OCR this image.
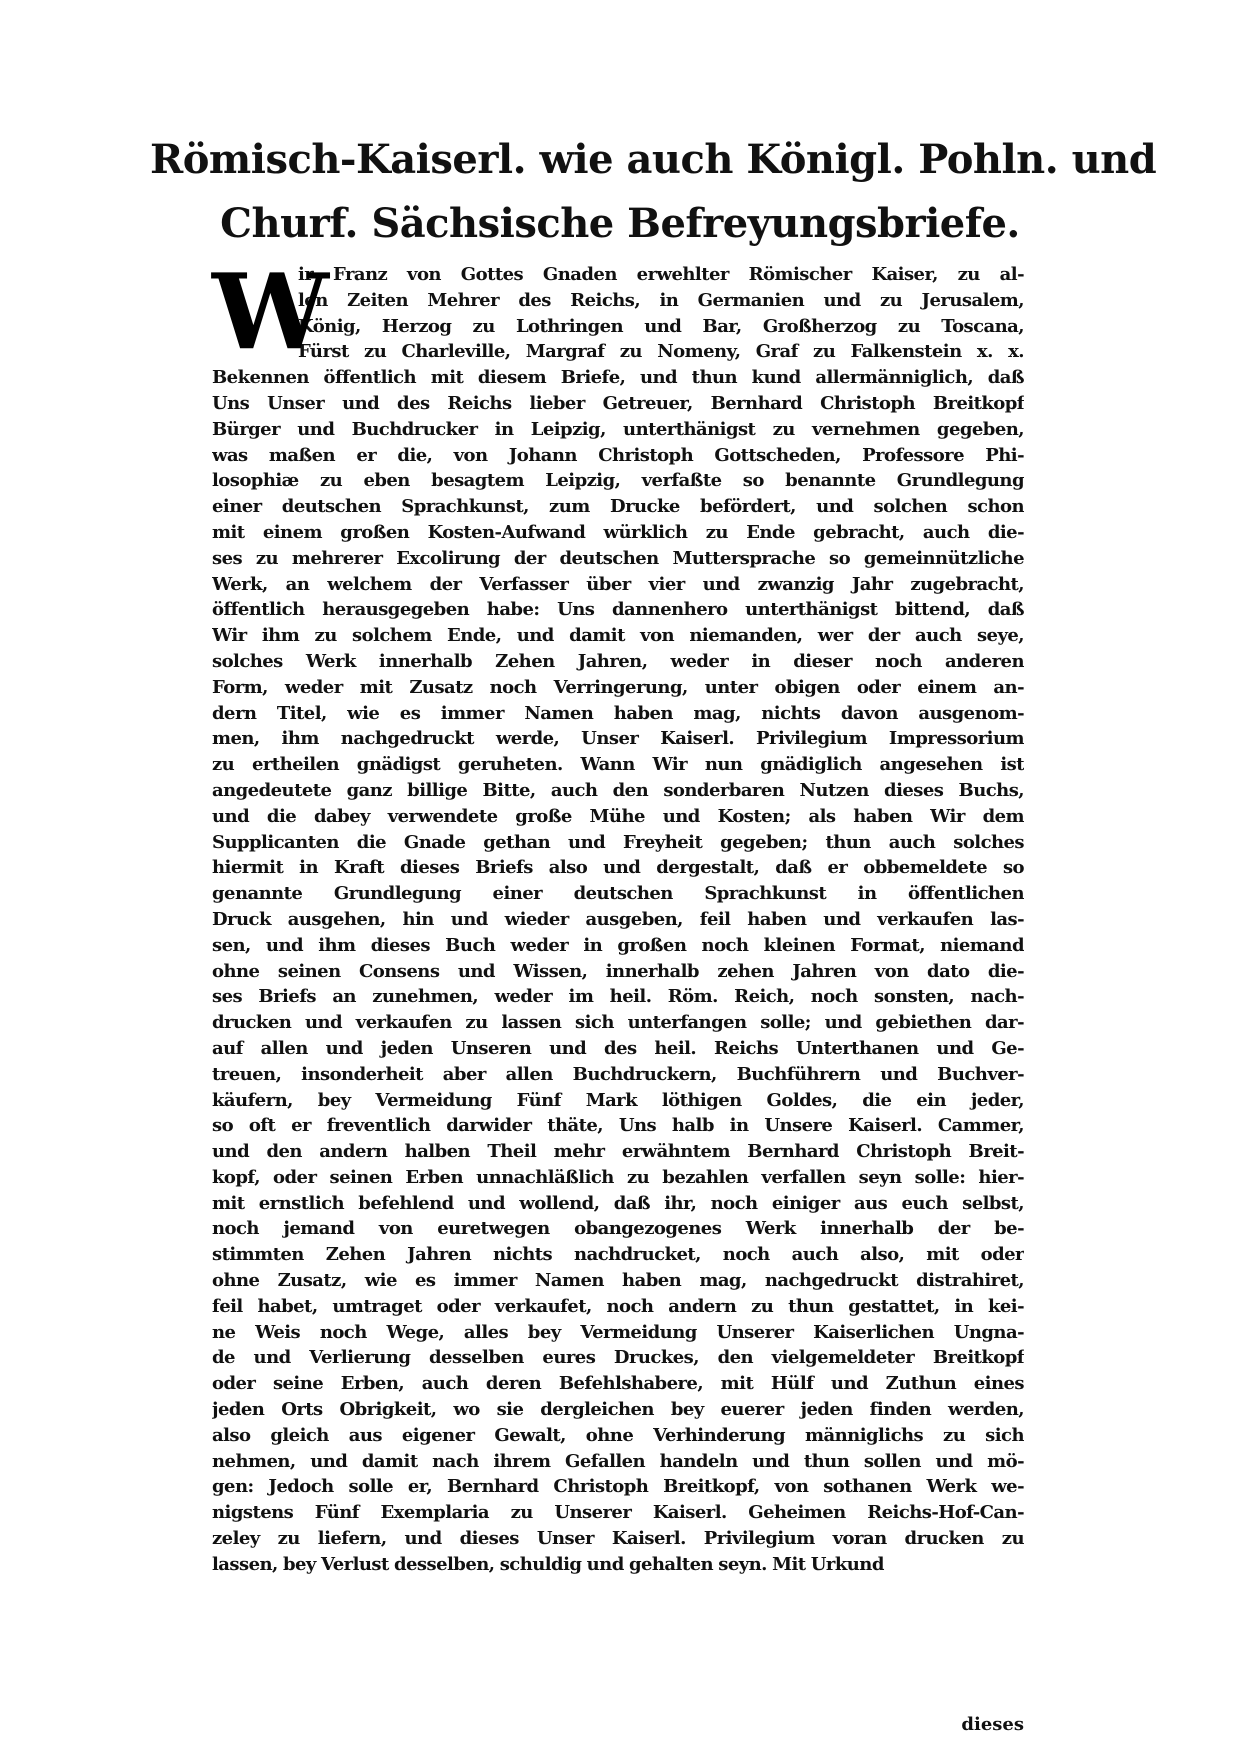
Römisch-Kaiserl. wie auch Königl. Pohln. und
Churf. Sächsische Befreyungsbriefe.
W
ir Franz von Gottes Gnaden erwehlter Römischer Kaiser, zu al-
len Zeiten Mehrer des Reichs, in Germanien und zu Jerusalem,
König, Herzog zu Lothringen und Bar, Großherzog zu Toscana,
Fürst zu Charleville, Margraf zu Nomeny, Graf zu Falkenstein x. x.
Bekennen öffentlich mit diesem Briefe, und thun kund allermänniglich, daß
Uns Unser und des Reichs lieber Getreuer, Bernhard Christoph Breitkopf
Bürger und Buchdrucker in Leipzig, unterthänigst zu vernehmen gegeben,
was maßen er die, von Johann Christoph Gottscheden, Professore Phi-
losophiæ zu eben besagtem Leipzig, verfaßte so benannte Grundlegung
einer deutschen Sprachkunst, zum Drucke befördert, und solchen schon
mit einem großen Kosten-Aufwand würklich zu Ende gebracht, auch die-
ses zu mehrerer Excolirung der deutschen Muttersprache so gemeinnützliche
Werk, an welchem der Verfasser über vier und zwanzig Jahr zugebracht,
öffentlich herausgegeben habe: Uns dannenhero unterthänigst bittend, daß
Wir ihm zu solchem Ende, und damit von niemanden, wer der auch seye,
solches Werk innerhalb Zehen Jahren, weder in dieser noch anderen
Form, weder mit Zusatz noch Verringerung, unter obigen oder einem an-
dern Titel, wie es immer Namen haben mag, nichts davon ausgenom-
men, ihm nachgedruckt werde, Unser Kaiserl. Privilegium Impressorium
zu ertheilen gnädigst geruheten. Wann Wir nun gnädiglich angesehen ist
angedeutete ganz billige Bitte, auch den sonderbaren Nutzen dieses Buchs,
und die dabey verwendete große Mühe und Kosten; als haben Wir dem
Supplicanten die Gnade gethan und Freyheit gegeben; thun auch solches
hiermit in Kraft dieses Briefs also und dergestalt, daß er obbemeldete so
genannte Grundlegung einer deutschen Sprachkunst in öffentlichen
Druck ausgehen, hin und wieder ausgeben, feil haben und verkaufen las-
sen, und ihm dieses Buch weder in großen noch kleinen Format, niemand
ohne seinen Consens und Wissen, innerhalb zehen Jahren von dato die-
ses Briefs an zunehmen, weder im heil. Röm. Reich, noch sonsten, nach-
drucken und verkaufen zu lassen sich unterfangen solle; und gebiethen dar-
auf allen und jeden Unseren und des heil. Reichs Unterthanen und Ge-
treuen, insonderheit aber allen Buchdruckern, Buchführern und Buchver-
käufern, bey Vermeidung Fünf Mark löthigen Goldes, die ein jeder,
so oft er freventlich darwider thäte, Uns halb in Unsere Kaiserl. Cammer,
und den andern halben Theil mehr erwähntem Bernhard Christoph Breit-
kopf, oder seinen Erben unnachläßlich zu bezahlen verfallen seyn solle: hier-
mit ernstlich befehlend und wollend, daß ihr, noch einiger aus euch selbst,
noch jemand von euretwegen obangezogenes Werk innerhalb der be-
stimmten Zehen Jahren nichts nachdrucket, noch auch also, mit oder
ohne Zusatz, wie es immer Namen haben mag, nachgedruckt distrahiret,
feil habet, umtraget oder verkaufet, noch andern zu thun gestattet, in kei-
ne Weis noch Wege, alles bey Vermeidung Unserer Kaiserlichen Ungna-
de und Verlierung desselben eures Druckes, den vielgemeldeter Breitkopf
oder seine Erben, auch deren Befehlshabere, mit Hülf und Zuthun eines
jeden Orts Obrigkeit, wo sie dergleichen bey euerer jeden finden werden,
also gleich aus eigener Gewalt, ohne Verhinderung männiglichs zu sich
nehmen, und damit nach ihrem Gefallen handeln und thun sollen und mö-
gen: Jedoch solle er, Bernhard Christoph Breitkopf, von sothanen Werk we-
nigstens Fünf Exemplaria zu Unserer Kaiserl. Geheimen Reichs-Hof-Can-
zeley zu liefern, und dieses Unser Kaiserl. Privilegium voran drucken zu
lassen, bey Verlust desselben, schuldig und gehalten seyn. Mit Urkund
dieses
